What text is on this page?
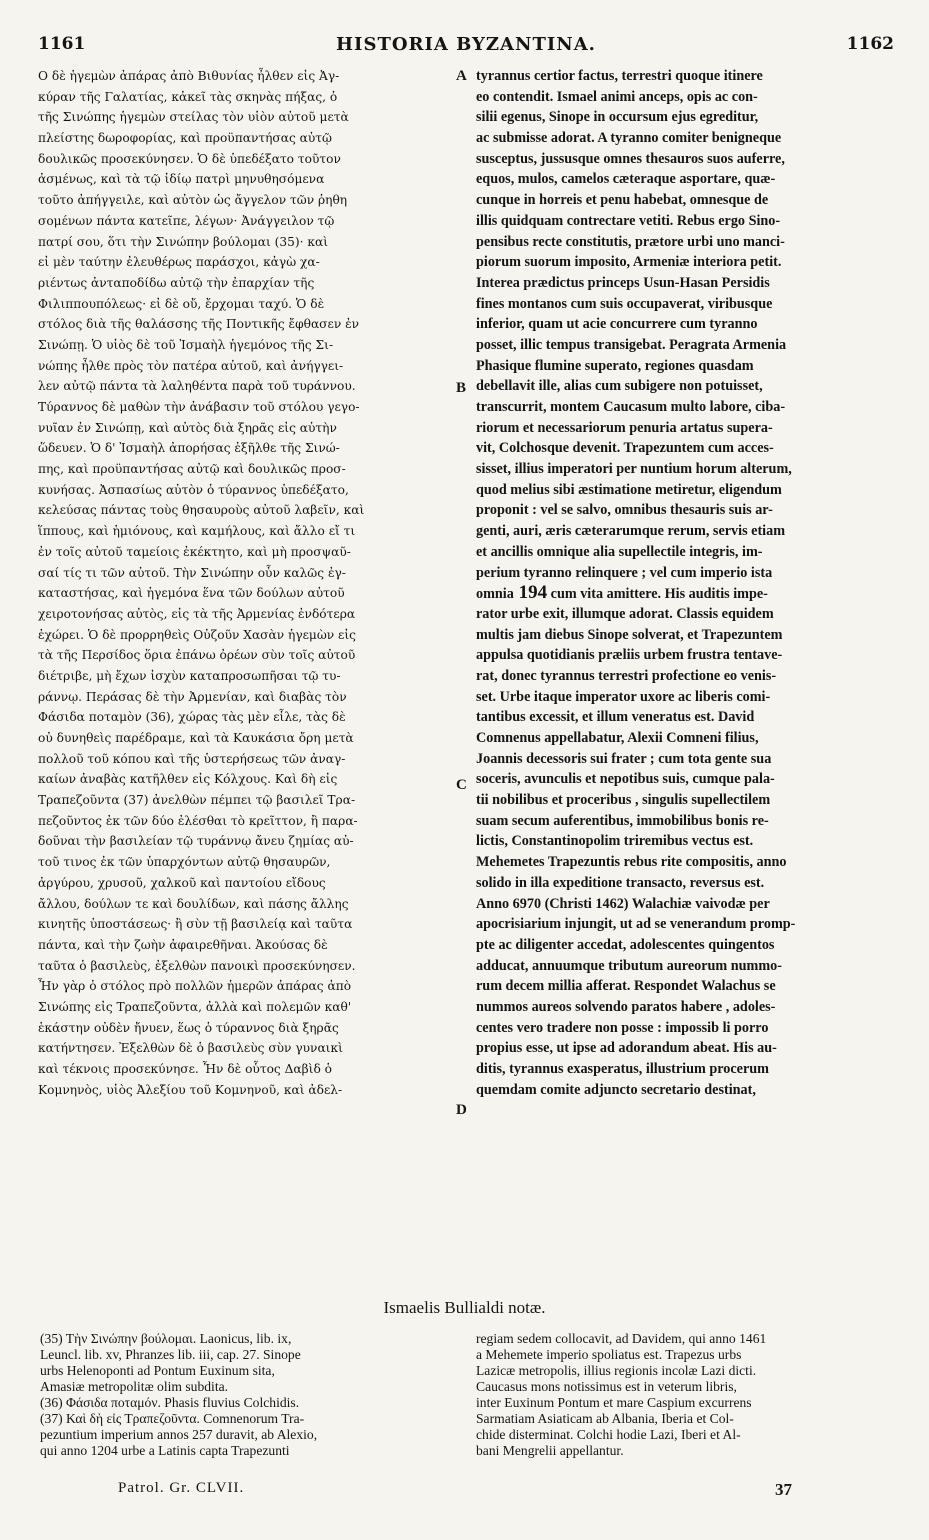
1161	HISTORIA BYZANTINA.	1162
Ο δὲ ἡγεμὼν ἀπάρας ἀπὸ Βιθυνίας ἦλθεν εἰς Ἀγ-
κύραν τῆς Γαλατίας, κἀκεῖ τὰς σκηνὰς πήξας, ὁ
τῆς Σινώπης ἡγεμὼν στείλας τὸν υἱὸν αὐτοῦ μετὰ
πλείστης δωροφορίας, καὶ προϋπαντήσας αὐτῷ
δουλικῶς προσεκύνησεν. Ὁ δὲ ὑπεδέξατο τοῦτον
ἀσμένως, καὶ τὰ τῷ ἰδίῳ πατρὶ μηνυθησόμενα
τοῦτο ἀπήγγειλε, καὶ αὐτὸν ὡς ἄγγελον τῶν ῥηθη
σομένων πάντα κατεῖπε, λέγων· Ἀνάγγειλον τῷ
πατρί σου, ὅτι τὴν Σινώπην βούλομαι (35)· καὶ
εἰ μὲν ταύτην ἐλευθέρως παράσχοι, κἀγὼ χα-
ριέντως ἀνταποδίδω αὐτῷ τὴν ἐπαρχίαν τῆς
Φιλιππουπόλεως· εἰ δὲ οὔ, ἔρχομαι ταχύ. Ὁ δὲ
στόλος διὰ τῆς θαλάσσης τῆς Ποντικῆς ἔφθασεν ἐν
Σινώπῃ. Ὁ υἱὸς δὲ τοῦ Ἰσμαὴλ ἡγεμόνος τῆς Σι-
νώπης ἦλθε πρὸς τὸν πατέρα αὐτοῦ, καὶ ἀνήγγει-
λεν αὐτῷ πάντα τὰ λαληθέντα παρὰ τοῦ τυράννου.
Τύραννος δὲ μαθὼν τὴν ἀνάβασιν τοῦ στόλου γεγο-
νυῖαν ἐν Σινώπῃ, καὶ αὐτὸς διὰ ξηρᾶς εἰς αὐτὴν
ὥδευεν. Ὁ δ' Ἰσμαὴλ ἀπορήσας ἐξῆλθε τῆς Σινώ-
πης, καὶ προϋπαντήσας αὐτῷ καὶ δουλικῶς προσ-
κυνήσας. Ἀσπασίως αὐτὸν ὁ τύραννος ὑπεδέξατο,
κελεύσας πάντας τοὺς θησαυροὺς αὐτοῦ λαβεῖν, καὶ
ἵππους, καὶ ἡμιόνους, καὶ καμήλους, καὶ ἄλλο εἴ τι
ἐν τοῖς αὐτοῦ ταμείοις ἐκέκτητο, καὶ μὴ προσψαῦ-
σαί τίς τι τῶν αὐτοῦ. Τὴν Σινώπην οὖν καλῶς ἐγ-
καταστήσας, καὶ ἡγεμόνα ἕνα τῶν δούλων αὐτοῦ
χειροτονήσας αὐτὸς, εἰς τὰ τῆς Ἀρμενίας ἐνδότερα
ἐχώρει. Ὁ δὲ προρρηθεὶς Οὐζοῦν Χασὰν ἡγεμὼν εἰς
τὰ τῆς Περσίδος ὅρια ἐπάνω ὀρέων σὺν τοῖς αὐτοῦ
διέτριβε, μὴ ἔχων ἰσχὺν καταπροσωπῆσαι τῷ τυ-
ράννῳ. Περάσας δὲ τὴν Ἀρμενίαν, καὶ διαβὰς τὸν
Φάσιδα ποταμὸν (36), χώρας τὰς μὲν εἷλε, τὰς δὲ
οὐ δυνηθεὶς παρέδραμε, καὶ τὰ Καυκάσια ὄρη μετὰ
πολλοῦ τοῦ κόπου καὶ τῆς ὑστερήσεως τῶν ἀναγ-
καίων ἀναβὰς κατῆλθεν εἰς Κόλχους. Καὶ δὴ εἰς
Τραπεζοῦντα (37) ἀνελθὼν πέμπει τῷ βασιλεῖ Τρα-
πεζοῦντος ἐκ τῶν δύο ἐλέσθαι τὸ κρεῖττον, ἢ παρα-
δοῦναι τὴν βασιλείαν τῷ τυράννῳ ἄνευ ζημίας αὐ-
τοῦ τινος ἐκ τῶν ὑπαρχόντων αὐτῷ θησαυρῶν,
ἀργύρου, χρυσοῦ, χαλκοῦ καὶ παντοίου εἴδους
ἄλλου, δούλων τε καὶ δουλίδων, καὶ πάσης ἄλλης
κινητῆς ὑποστάσεως· ἢ σὺν τῇ βασιλείᾳ καὶ ταῦτα
πάντα, καὶ τὴν ζωὴν ἀφαιρεθῆναι. Ἀκούσας δὲ
ταῦτα ὁ βασιλεὺς, ἐξελθὼν πανοικὶ προσεκύνησεν.
Ἦν γὰρ ὁ στόλος πρὸ πολλῶν ἡμερῶν ἀπάρας ἀπὸ
Σινώπης εἰς Τραπεζοῦντα, ἀλλὰ καὶ πολεμῶν καθ'
ἑκάστην οὐδὲν ἤνυεν, ἕως ὁ τύραννος διὰ ξηρᾶς
κατήντησεν. Ἐξελθὼν δὲ ὁ βασιλεὺς σὺν γυναικὶ
καὶ τέκνοις προσεκύνησε. Ἦν δὲ οὗτος Δαβὶδ ὁ
Κομνηνὸς, υἱὸς Ἀλεξίου τοῦ Κομνηνοῦ, καὶ ἀδελ-
tyrannus certior factus, terrestri quoque itinere
eo contendit. Ismael animi anceps, opis ac con-
silii egenus, Sinope in occursum ejus egreditur,
ac submisse adorat. A tyranno comiter benigneque
susceptus, jussusque omnes thesauros suos auferre,
equos, mulos, camelos cæteraque asportare, quæ-
cunque in horreis et penu habebat, omnesque de
illis quidquam contrectare vetiti. Rebus ergo Sino-
pensibus recte constitutis, prætore urbi uno manci-
piorum suorum imposito, Armeniæ interiora petit.
Interea prædictus princeps Usun-Hasan Persidis
fines montanos cum suis occupaverat, viribusque
inferior, quam ut acie concurrere cum tyranno
posset, illic tempus transigebat. Peragrata Armenia
Phasique flumine superato, regiones quasdam
debellavit ille, alias cum subigere non potuisset,
transcurrit, montem Caucasum multo labore, ciba-
riorum et necessariorum penuria artatus supera-
vit, Colchosque devenit. Trapezuntem cum acces-
sisset, illius imperatori per nuntium horum alterum,
quod melius sibi æstimatione metiretur, eligendum
proponit : vel se salvo, omnibus thesauris suis ar-
genti, auri, æris cæterarumque rerum, servis etiam
et ancillis omnique alia supellectile integris, im-
perium tyranno relinquere ; vel cum imperio ista
omnia 194 cum vita amittere. His auditis impe-
rator urbe exit, illumque adorat. Classis equidem
multis jam diebus Sinope solverat, et Trapezuntem
appulsa quotidianis præliis urbem frustra tentave-
rat, donec tyrannus terrestri profectione eo venis-
set. Urbe itaque imperator uxore ac liberis comi-
tantibus excessit, et illum veneratus est. David
Comnenus appellabatur, Alexii Comneni filius,
Joannis decessoris sui frater ; cum tota gente sua
soceris, avunculis et nepotibus suis, cumque pala-
tii nobilibus et proceribus , singulis supellectilem
suam secum auferentibus, immobilibus bonis re-
lictis, Constantinopolim triremibus vectus est.
Mehemetes Trapezuntis rebus rite compositis, anno
solido in illa expeditione transacto, reversus est.
Anno 6970 (Christi 1462) Walachiæ vaivodæ per
apocrisiarium injungit, ut ad se venerandum promp-
pte ac diligenter accedat, adolescentes quingentos
adducat, annuumque tributum aureorum nummo-
rum decem millia afferat. Respondet Walachus se
nummos aureos solvendo paratos habere , adoles-
centes vero tradere non posse : impossib li porro
propius esse, ut ipse ad adorandum abeat. His au-
ditis, tyrannus exasperatus, illustrium procerum
quemdam comite adjuncto secretario destinat,
A
B
C
D
Ismaelis Bullialdi notæ.
(35) Τὴν Σινώπην βούλομαι. Laonicus, lib. ix,
Leuncl. lib. xv, Phranzes lib. iii, cap. 27. Sinope
urbs Helenoponti ad Pontum Euxinum sita,
Amasiæ metropolitæ olim subdita.
(36) Φάσιδα ποταμόν. Phasis fluvius Colchidis.
(37) Καὶ δὴ εἰς Τραπεζοῦντα. Comnenorum Tra-
pezuntium imperium annos 257 duravit, ab Alexio,
qui anno 1204 urbe a Latinis capta Trapezunti
regiam sedem collocavit, ad Davidem, qui anno 1461
a Mehemete imperio spoliatus est. Trapezus urbs
Lazicæ metropolis, illius regionis incolæ Lazi dicti.
Caucasus mons notissimus est in veterum libris,
inter Euxinum Pontum et mare Caspium excurrens
Sarmatiam Asiaticam ab Albania, Iberia et Col-
chide disterminat. Colchi hodie Lazi, Iberi et Al-
bani Mengrelii appellantur.
Patrol. Gr. CLVII.	37
